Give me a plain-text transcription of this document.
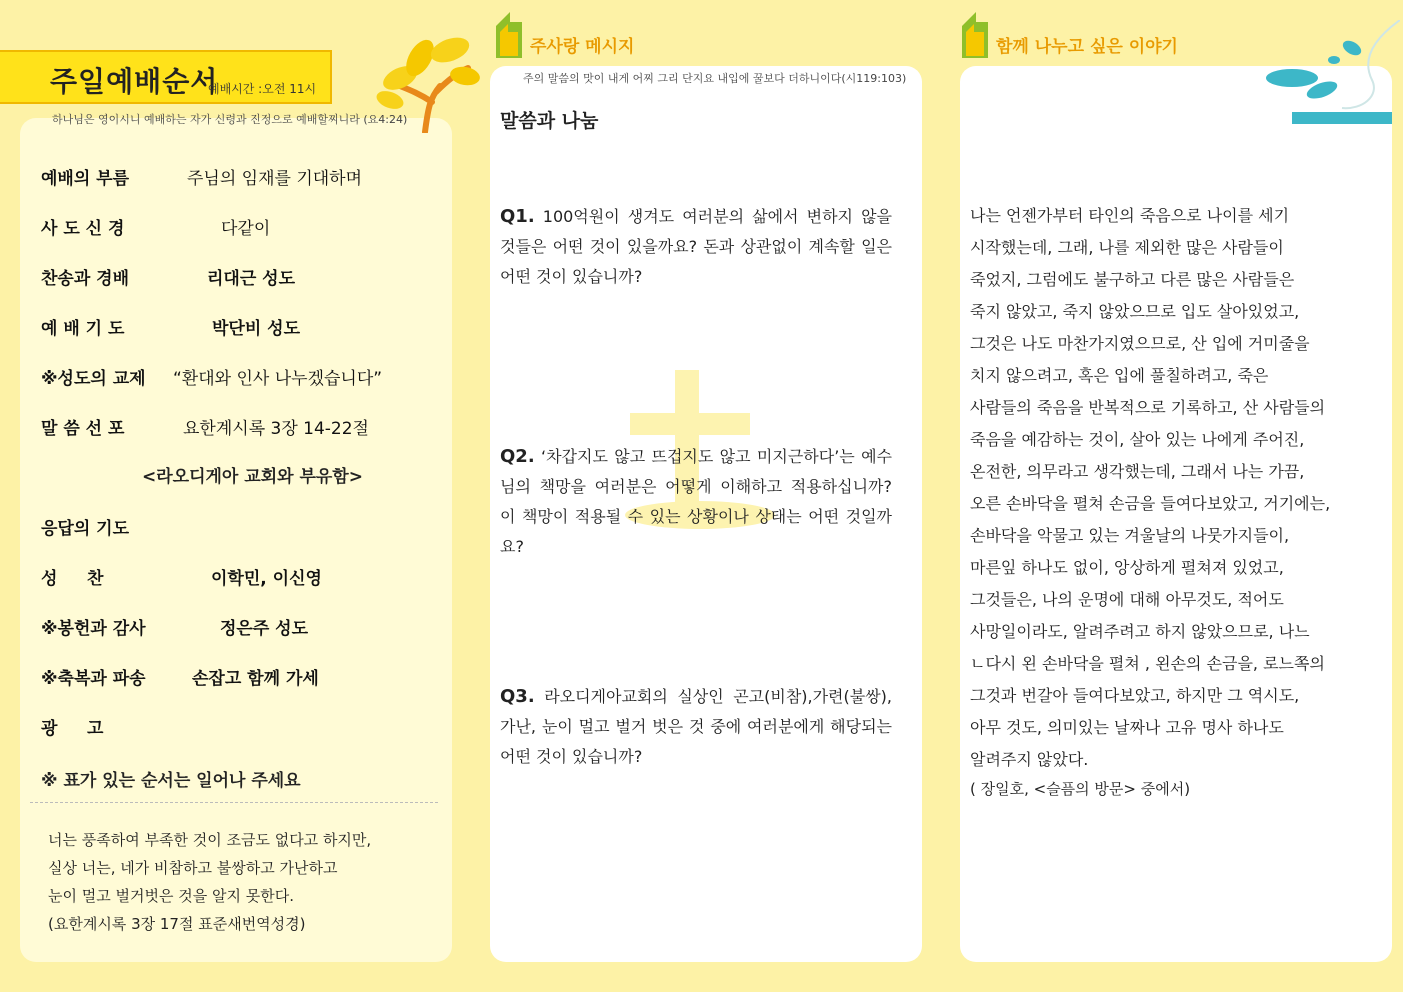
주일예배순서
예배시간 :오전 11시
하나님은 영이시니 예배하는 자가 신령과 진정으로 예배할찌니라 (요4:24)
예배의 부름	주님의 임재를 기대하며
사 도 신 경	다같이
찬송과 경배	리대근 성도
예 배 기 도	박단비 성도
※성도의 교제 “환대와 인사 나누겠습니다”
말 씀 선 포	요한계시록 3장 14-22절
<라오디게아 교회와 부유함>
응답의 기도
성     찬	이학민, 이신영
※봉헌과 감사	정은주 성도
※축복과 파송	손잡고 함께 가세
광     고
※ 표가 있는 순서는 일어나 주세요
너는 풍족하여 부족한 것이 조금도 없다고 하지만,
실상 너는, 네가 비참하고 불쌍하고 가난하고
눈이 멀고 벌거벗은 것을 알지 못한다.
(요한계시록 3장 17절 표준새번역성경)
주사랑 메시지
주의 말씀의 맛이 내게 어찌 그리 단지요 내입에 꿀보다 더하니이다(시119:103)
말씀과 나눔
Q1. 100억원이 생겨도 여러분의 삶에서 변하지 않을 것들은 어떤 것이 있을까요? 돈과 상관없이 계속할 일은 어떤 것이 있습니까?
Q2. ‘차갑지도 않고 뜨겁지도 않고 미지근하다’는 예수님의 책망을 여러분은 어떻게 이해하고 적용하십니까? 이 책망이 적용될 수 있는 상황이나 상태는 어떤 것일까요?
Q3. 라오디게아교회의 실상인 곤고(비참),가련(불쌍), 가난, 눈이 멀고 벌거 벗은 것 중에 여러분에게 해당되는 어떤 것이 있습니까?
함께 나누고 싶은 이야기
나는 언젠가부터 타인의 죽음으로 나이를 세기
시작했는데, 그래, 나를 제외한 많은 사람들이
죽었지, 그럼에도 불구하고 다른 많은 사람들은
죽지 않았고, 죽지 않았으므로 입도 살아있었고,
그것은 나도 마찬가지였으므로, 산 입에 거미줄을
치지 않으려고, 혹은 입에 풀칠하려고, 죽은
사람들의 죽음을 반복적으로 기록하고, 산 사람들의
죽음을 예감하는 것이, 살아 있는 나에게 주어진,
온전한, 의무라고 생각했는데, 그래서 나는 가끔,
오른 손바닥을 펼쳐 손금을 들여다보았고, 거기에는,
손바닥을 악물고 있는 겨울날의 나뭇가지들이,
마른잎 하나도 없이, 앙상하게 펼쳐져 있었고,
그것들은, 나의 운명에 대해 아무것도, 적어도
사망일이라도, 알려주려고 하지 않았으므로, 나느
ㄴ다시 왼 손바닥을 펼쳐 , 왼손의 손금을, 로느쪽의
그것과 번갈아 들여다보았고, 하지만 그 역시도,
아무 것도, 의미있는 날짜나 고유 명사 하나도
알려주지 않았다.
( 장일호, <슬픔의 방문> 중에서)
